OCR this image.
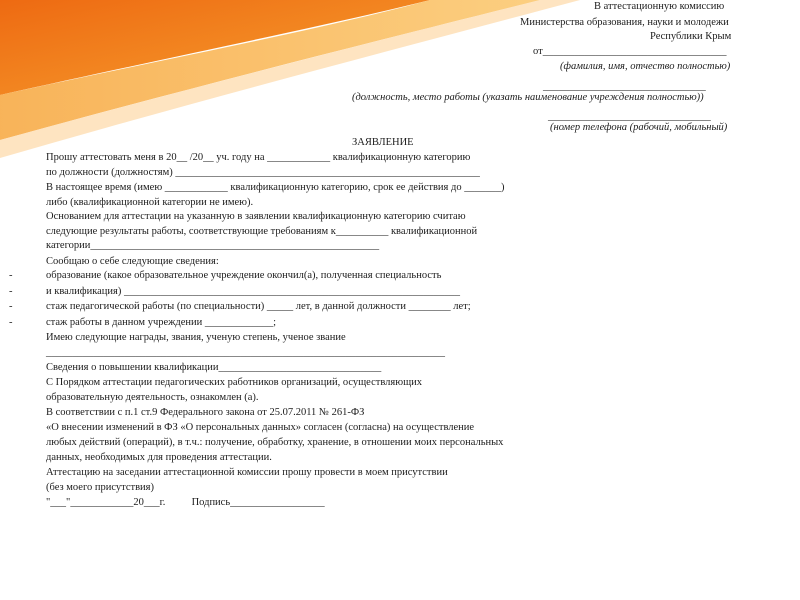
В аттестационную комиссию
Министерства образования, науки и молодежи
Республики Крым
от___________________________________
(фамилия, имя, отчество полностью)
_______________________________
(должность, место работы (указать наименование учреждения полностью))
_______________________________
(номер телефона (рабочий, мобильный)
ЗАЯВЛЕНИЕ
Прошу аттестовать меня в 20__ /20__ уч. году на ____________ квалификационную категорию
по должности (должностям) __________________________________________________________
В настоящее время (имею ____________ квалификационную категорию, срок ее действия до _______)
либо (квалификационной категории не имею).
Основанием для аттестации на указанную в заявлении квалификационную категорию считаю
следующие результаты работы, соответствующие требованиям к__________ квалификационной
категории_______________________________________________________
Сообщаю о себе следующие сведения:
-	образование (какое образовательное учреждение окончил(а), полученная специальность
-	и квалификация) ________________________________________________________________
-	стаж педагогической работы (по специальности) _____ лет, в данной должности ________ лет;
-	стаж работы в данном учреждении _____________;
Имею следующие награды, звания, ученую степень, ученое звание
____________________________________________________________________________
Сведения о повышении квалификации_______________________________
С Порядком аттестации педагогических работников организаций, осуществляющих
образовательную деятельность, ознакомлен (а).
В соответствии с п.1 ст.9 Федерального закона от 25.07.2011 № 261-ФЗ
«О внесении изменений в ФЗ «О персональных данных» согласен (согласна) на осуществление
любых действий (операций), в т.ч.: получение, обработку, хранение, в отношении моих персональных
данных, необходимых для проведения аттестации.
Аттестацию на заседании аттестационной комиссии прошу провести в моем присутствии
(без моего присутствия)
"___"____________20___г.          Подпись__________________
